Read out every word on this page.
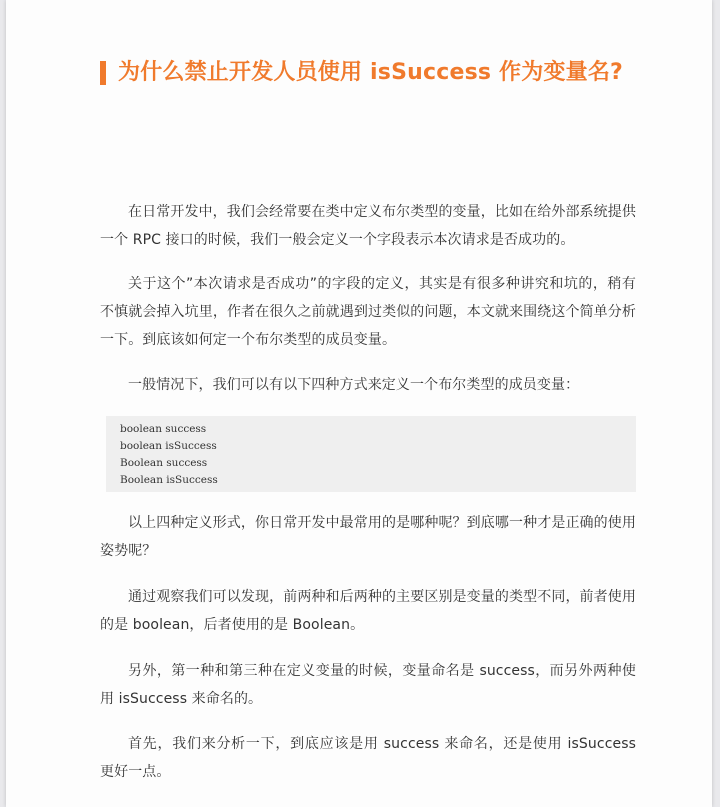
为什么禁止开发人员使用 isSuccess 作为变量名?

在日常开发中，我们会经常要在类中定义布尔类型的变量，比如在给外部系统提供一个 RPC 接口的时候，我们一般会定义一个字段表示本次请求是否成功的。

关于这个”本次请求是否成功”的字段的定义，其实是有很多种讲究和坑的，稍有不慎就会掉入坑里，作者在很久之前就遇到过类似的问题，本文就来围绕这个简单分析一下。到底该如何定一个布尔类型的成员变量。

一般情况下，我们可以有以下四种方式来定义一个布尔类型的成员变量：

boolean success
boolean isSuccess
Boolean success
Boolean isSuccess

以上四种定义形式，你日常开发中最常用的是哪种呢？到底哪一种才是正确的使用姿势呢？

通过观察我们可以发现，前两种和后两种的主要区别是变量的类型不同，前者使用的是 boolean，后者使用的是 Boolean。

另外，第一种和第三种在定义变量的时候，变量命名是 success，而另外两种使用 isSuccess 来命名的。

首先，我们来分析一下，到底应该是用 success 来命名，还是使用 isSuccess 更好一点。
